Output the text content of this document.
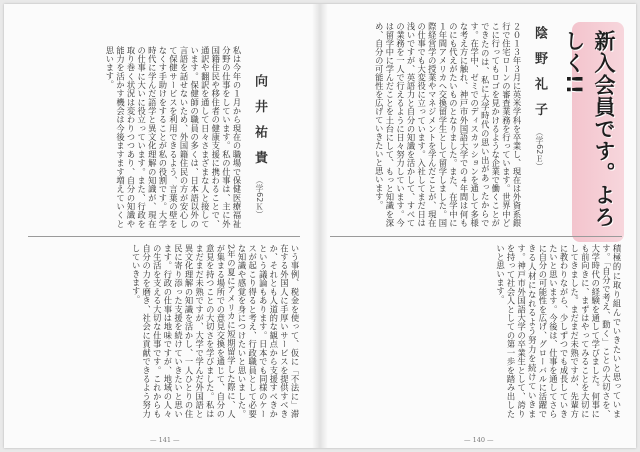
新入会員です。よろしく!!
陰 野 礼 子 （学62Ｅ）
２０１３年３月に英米学科を卒業し、現在は外資系銀行で住宅ローンの審査業務を行っています。世界中どこに行ってもロゴを見かけるような企業で働くことができたのは、私に大学時代の思い出があったからです。在学中、ゼミでのディスカッションを通して多様な考え方に触れ、神戸市外国語大学での４年間は何ものにも代えがたいものとなりました。また、在学中に１年間アメリカへ交換留学生として留学しました。国際経営学の授業やマネジメントを学んだことが、現在の仕事でも大変役に立っています。入社してまだ日は浅いですが、英語力と自分の知識を活かして、すべての業務を一人で行えるように日々努力しています。今は留学中に学んだことを土台にして、もっと知識を深め、自分の可能性を広げていきたいと思います。
積極的に取り組んでいきたいと思っています。「自分で考え、動く」ことの大切さを、大学時代の経験を通して学びました。何事にも前向きに、まずはやってみることを大切にしてきました。まだまだ未熟ですが、先輩方に教わりながら、少しずつでも成長していきたいと思います。今後は、仕事を通してさらに自分の可能性を広げ、グローバルに活躍できる人材になれるよう努力を続けていきます。神戸市外国語大学の卒業生として、誇りを持って社会人としての第一歩を踏み出したいと思います。
向 井 祐 貴 （学62Ｋ）
私は今年の１月から現在の職場で保健医療福祉分野の仕事をしています。私の仕事は、主に外国籍住民や移住者の健康支援に携わることで、通訳や翻訳を通して日々さまざまな人と接しています。保健師の職員の多くは、日本語以外の言語を話せないため、外国籍住民の方が安心して保健サービスを利用できるよう、言葉の壁をなくす手助けをすることが私の役割です。大学時代に学んだ語学と異文化理解の知識が、現在の仕事に大いに役立っています。また、行政を取り巻く状況は変わりつつあり、自分の知識や能力を活かす機会は今後ますます増えていくと思います。
いう事例、税金を使って、仮に「不法に」滞在する外国人に手厚いサービスを提供すべきか、それとも人道的な観点から支援すべきかという議論もあります。日本でも同様のケースが起こり得ると考え、行政職員として必要な知識や感覚を身につけたいと思いました。2年の夏にアメリカに短期留学した際に、人が集まる場所での意見交換を通じて、自分の意見を持つことの大切さを学びました。私はまだまだ未熟ですが、大学で学んだ外国語と異文化理解の知識を活かし、一人ひとりの住民に寄り添った支援を続けていきたいと思います。行政の仕事は地味ですが、地域の人々の生活を支える大切な仕事です。これからも自分の力を磨き、社会に貢献できるよう努力していきます。
— 141 —	— 140 —
